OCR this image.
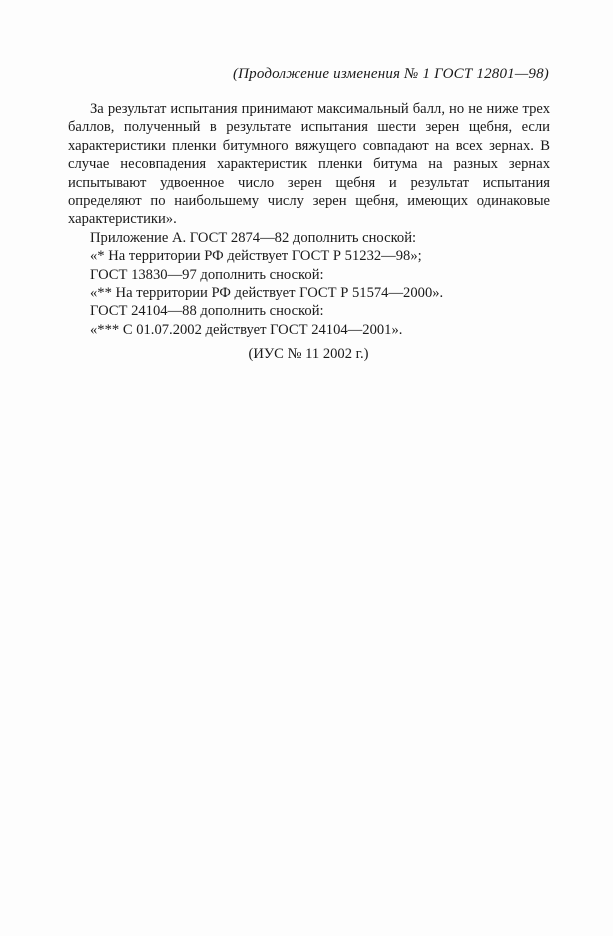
(Продолжение изменения № 1 ГОСТ 12801—98)

За результат испытания принимают максимальный балл, но не ниже трех баллов, полученный в результате испытания шести зерен щебня, если характеристики пленки битумного вяжущего совпадают на всех зернах. В случае несовпадения характеристик пленки битума на разных зернах испытывают удвоенное число зерен щебня и результат испытания определяют по наибольшему числу зерен щебня, имеющих одинаковые характеристики».

Приложение А. ГОСТ 2874—82 дополнить сноской:

«* На территории РФ действует ГОСТ Р 51232—98»;

ГОСТ 13830—97 дополнить сноской:

«** На территории РФ действует ГОСТ Р 51574—2000».

ГОСТ 24104—88 дополнить сноской:

«*** С 01.07.2002 действует ГОСТ 24104—2001».

(ИУС № 11 2002 г.)
